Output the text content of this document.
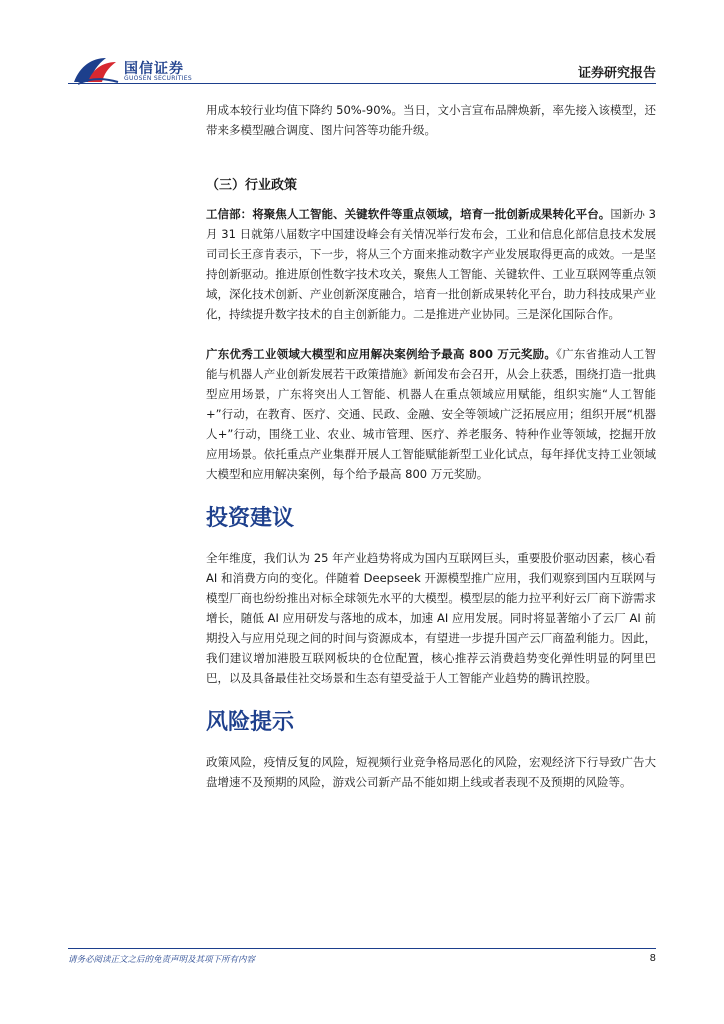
国信证券
GUOSEN SECURITIES	证券研究报告

用成本较行业均值下降约 50%-90%。当日，文小言宣布品牌焕新，率先接入该模型，还带来多模型融合调度、图片问答等功能升级。

（三）行业政策

工信部：将聚焦人工智能、关键软件等重点领域，培育一批创新成果转化平台。国新办 3 月 31 日就第八届数字中国建设峰会有关情况举行发布会，工业和信息化部信息技术发展司司长王彦肯表示，下一步，将从三个方面来推动数字产业发展取得更高的成效。一是坚持创新驱动。推进原创性数字技术攻关，聚焦人工智能、关键软件、工业互联网等重点领域，深化技术创新、产业创新深度融合，培育一批创新成果转化平台，助力科技成果产业化，持续提升数字技术的自主创新能力。二是推进产业协同。三是深化国际合作。

广东优秀工业领域大模型和应用解决案例给予最高 800 万元奖励。《广东省推动人工智能与机器人产业创新发展若干政策措施》新闻发布会召开，从会上获悉，围绕打造一批典型应用场景，广东将突出人工智能、机器人在重点领域应用赋能，组织实施“人工智能+”行动，在教育、医疗、交通、民政、金融、安全等领域广泛拓展应用；组织开展“机器人+”行动，围绕工业、农业、城市管理、医疗、养老服务、特种作业等领域，挖掘开放应用场景。依托重点产业集群开展人工智能赋能新型工业化试点，每年择优支持工业领域大模型和应用解决案例，每个给予最高 800 万元奖励。

投资建议

全年维度，我们认为 25 年产业趋势将成为国内互联网巨头，重要股价驱动因素，核心看 AI 和消费方向的变化。伴随着 Deepseek 开源模型推广应用，我们观察到国内互联网与模型厂商也纷纷推出对标全球领先水平的大模型。模型层的能力拉平利好云厂商下游需求增长，随低 AI 应用研发与落地的成本，加速 AI 应用发展。同时将显著缩小了云厂 AI 前期投入与应用兑现之间的时间与资源成本，有望进一步提升国产云厂商盈利能力。因此，我们建议增加港股互联网板块的仓位配置，核心推荐云消费趋势变化弹性明显的阿里巴巴，以及具备最佳社交场景和生态有望受益于人工智能产业趋势的腾讯控股。

风险提示

政策风险，疫情反复的风险，短视频行业竞争格局恶化的风险，宏观经济下行导致广告大盘增速不及预期的风险，游戏公司新产品不能如期上线或者表现不及预期的风险等。

请务必阅读正文之后的免责声明及其项下所有内容	8
